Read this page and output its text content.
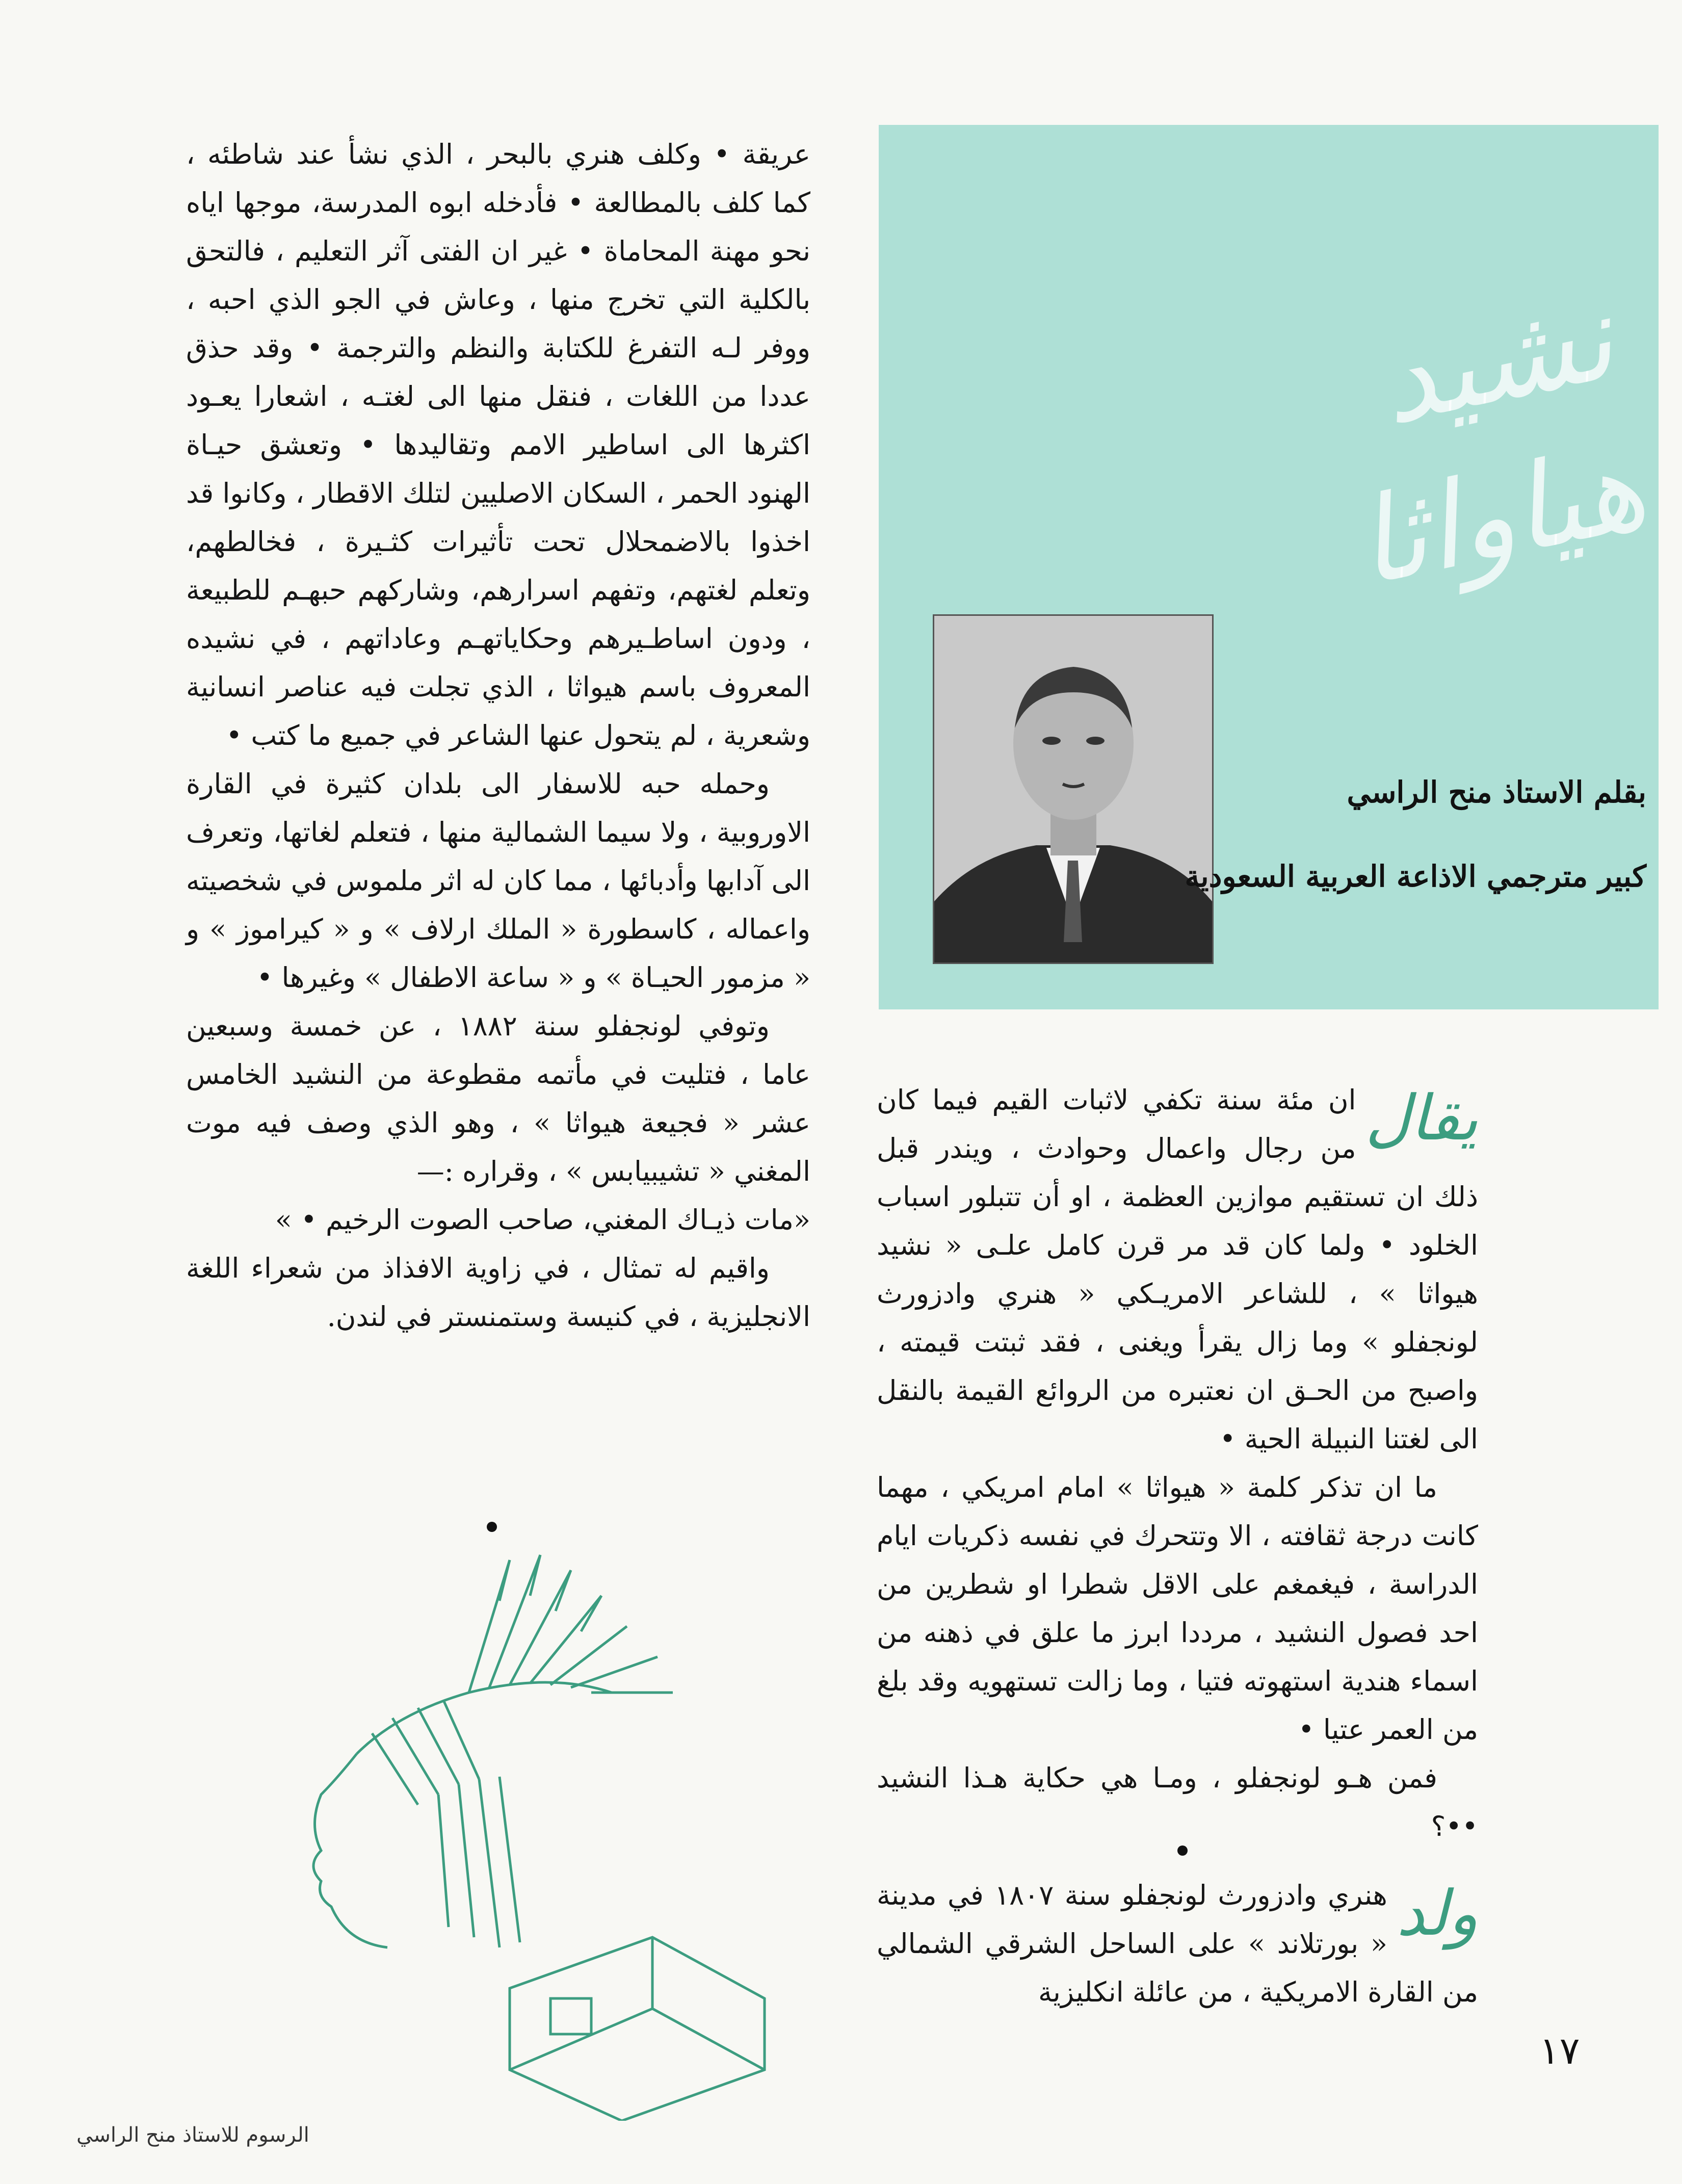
نشيد هياواثا
بقلم الاستاذ منح الراسي
كبير مترجمي الاذاعة العربية السعودية

عريقة • وكلف هنري بالبحر ، الذي نشأ عند شاطئه ، كما كلف بالمطالعة • فأدخله ابوه المدرسة، موجها اياه نحو مهنة المحاماة • غير ان الفتى آثر التعليم ، فالتحق بالكلية التي تخرج منها ، وعاش في الجو الذي احبه ، ووفر لـه التفرغ للكتابة والنظم والترجمة • وقد حذق عددا من اللغات ، فنقل منها الى لغتـه ، اشعارا يعـود اكثرها الى اساطير الامم وتقاليدها • وتعشق حيـاة الهنود الحمر ، السكان الاصليين لتلك الاقطار ، وكانوا قد اخذوا بالاضمحلال تحت تأثيرات كثـيرة ، فخالطهم، وتعلم لغتهم، وتفهم اسرارهم، وشاركهم حبهـم للطبيعة ، ودون اساطـيرهم وحكاياتهـم وعاداتهم ، في نشيده المعروف باسم هيواثا ، الذي تجلت فيه عناصر انسانية وشعرية ، لم يتحول عنها الشاعر في جميع ما كتب •

وحمله حبه للاسفار الى بلدان كثيرة في القارة الاوروبية ، ولا سيما الشمالية منها ، فتعلم لغاتها، وتعرف الى آدابها وأدبائها ، مما كان له اثر ملموس في شخصيته واعماله ، كاسطورة « الملك ارلاف » و « كيراموز » و « مزمور الحيـاة » و « ساعة الاطفال » وغيرها •

وتوفي لونجفلو سنة ١٨٨٢ ، عن خمسة وسبعين عاما ، فتليت في مأتمه مقطوعة من النشيد الخامس عشر « فجيعة هيواثا » ، وهو الذي وصف فيه موت المغني « تشيبيابس » ، وقراره :—

«مات ذيـاك المغني، صاحب الصوت الرخيم • »

واقيم له تمثال ، في زاوية الافذاذ من شعراء اللغة الانجليزية ، في كنيسة وستمنستر في لندن.

يقال

ان مئة سنة تكفي لاثبات القيم فيما كان من رجال واعمال وحوادث ، ويندر قبل ذلك ان تستقيم موازين العظمة ، او أن تتبلور اسباب الخلود • ولما كان قد مر قرن كامل علـى « نشيد هيواثا » ، للشاعر الامريـكي « هنري وادزورث لونجفلو » وما زال يقرأ ويغنى ، فقد ثبتت قيمته ، واصبح من الحـق ان نعتبره من الروائع القيمة بالنقل الى لغتنا النبيلة الحية •

ما ان تذكر كلمة « هيواثا » امام امريكي ، مهما كانت درجة ثقافته ، الا وتتحرك في نفسه ذكريات ايام الدراسة ، فيغمغم على الاقل شطرا او شطرين من احد فصول النشيد ، مرددا ابرز ما علق في ذهنه من اسماء هندية استهوته فتيا ، وما زالت تستهويه وقد بلغ من العمر عتيا •

فمن هـو لونجفلو ، ومـا هي حكاية هـذا النشيد ••؟

ولد

هنري وادزورث لونجفلو سنة ١٨٠٧ في مدينة « بورتلاند » على الساحل الشرقي الشمالي من القارة الامريكية ، من عائلة انكليزية

١٧
الرسوم للاستاذ منح الراسي
